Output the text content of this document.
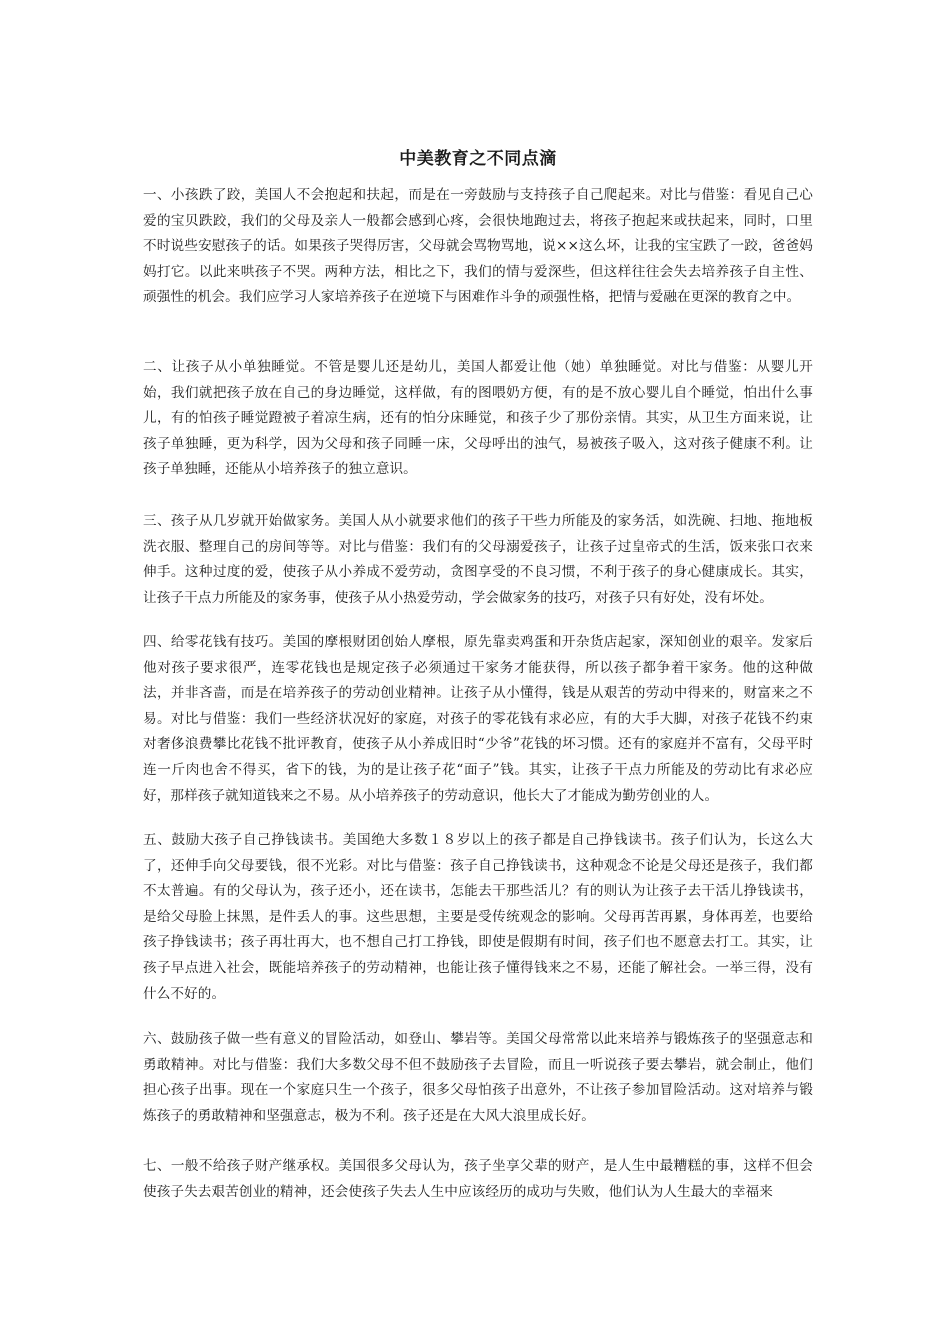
中美教育之不同点滴

一、小孩跌了跤，美国人不会抱起和扶起，而是在一旁鼓励与支持孩子自己爬起来。对比与借鉴：看见自己心爱的宝贝跌跤，我们的父母及亲人一般都会感到心疼，会很快地跑过去，将孩子抱起来或扶起来，同时，口里不时说些安慰孩子的话。如果孩子哭得厉害，父母就会骂物骂地，说××这么坏，让我的宝宝跌了一跤，爸爸妈妈打它。以此来哄孩子不哭。两种方法，相比之下，我们的情与爱深些，但这样往往会失去培养孩子自主性、顽强性的机会。我们应学习人家培养孩子在逆境下与困难作斗争的顽强性格，把情与爱融在更深的教育之中。

二、让孩子从小单独睡觉。不管是婴儿还是幼儿，美国人都爱让他（她）单独睡觉。对比与借鉴：从婴儿开始，我们就把孩子放在自己的身边睡觉，这样做，有的图喂奶方便，有的是不放心婴儿自个睡觉，怕出什么事儿，有的怕孩子睡觉蹬被子着凉生病，还有的怕分床睡觉，和孩子少了那份亲情。其实，从卫生方面来说，让孩子单独睡，更为科学，因为父母和孩子同睡一床，父母呼出的浊气，易被孩子吸入，这对孩子健康不利。让孩子单独睡，还能从小培养孩子的独立意识。

三、孩子从几岁就开始做家务。美国人从小就要求他们的孩子干些力所能及的家务活，如洗碗、扫地、拖地板洗衣服、整理自己的房间等等。对比与借鉴：我们有的父母溺爱孩子，让孩子过皇帝式的生活，饭来张口衣来伸手。这种过度的爱，使孩子从小养成不爱劳动，贪图享受的不良习惯，不利于孩子的身心健康成长。其实，让孩子干点力所能及的家务事，使孩子从小热爱劳动，学会做家务的技巧，对孩子只有好处，没有坏处。

四、给零花钱有技巧。美国的摩根财团创始人摩根，原先靠卖鸡蛋和开杂货店起家，深知创业的艰辛。发家后他对孩子要求很严，连零花钱也是规定孩子必须通过干家务才能获得，所以孩子都争着干家务。他的这种做法，并非吝啬，而是在培养孩子的劳动创业精神。让孩子从小懂得，钱是从艰苦的劳动中得来的，财富来之不易。对比与借鉴：我们一些经济状况好的家庭，对孩子的零花钱有求必应，有的大手大脚，对孩子花钱不约束对奢侈浪费攀比花钱不批评教育，使孩子从小养成旧时“少爷”花钱的坏习惯。还有的家庭并不富有，父母平时连一斤肉也舍不得买，省下的钱，为的是让孩子花“面子”钱。其实，让孩子干点力所能及的劳动比有求必应好，那样孩子就知道钱来之不易。从小培养孩子的劳动意识，他长大了才能成为勤劳创业的人。

五、鼓励大孩子自己挣钱读书。美国绝大多数１８岁以上的孩子都是自己挣钱读书。孩子们认为，长这么大了，还伸手向父母要钱，很不光彩。对比与借鉴：孩子自己挣钱读书，这种观念不论是父母还是孩子，我们都不太普遍。有的父母认为，孩子还小，还在读书，怎能去干那些活儿？有的则认为让孩子去干活儿挣钱读书，是给父母脸上抹黑，是件丢人的事。这些思想，主要是受传统观念的影响。父母再苦再累，身体再差，也要给孩子挣钱读书；孩子再壮再大，也不想自己打工挣钱，即使是假期有时间，孩子们也不愿意去打工。其实，让孩子早点进入社会，既能培养孩子的劳动精神，也能让孩子懂得钱来之不易，还能了解社会。一举三得，没有什么不好的。

六、鼓励孩子做一些有意义的冒险活动，如登山、攀岩等。美国父母常常以此来培养与锻炼孩子的坚强意志和勇敢精神。对比与借鉴：我们大多数父母不但不鼓励孩子去冒险，而且一听说孩子要去攀岩，就会制止，他们担心孩子出事。现在一个家庭只生一个孩子，很多父母怕孩子出意外，不让孩子参加冒险活动。这对培养与锻炼孩子的勇敢精神和坚强意志，极为不利。孩子还是在大风大浪里成长好。

七、一般不给孩子财产继承权。美国很多父母认为，孩子坐享父辈的财产，是人生中最糟糕的事，这样不但会使孩子失去艰苦创业的精神，还会使孩子失去人生中应该经历的成功与失败，他们认为人生最大的幸福来
